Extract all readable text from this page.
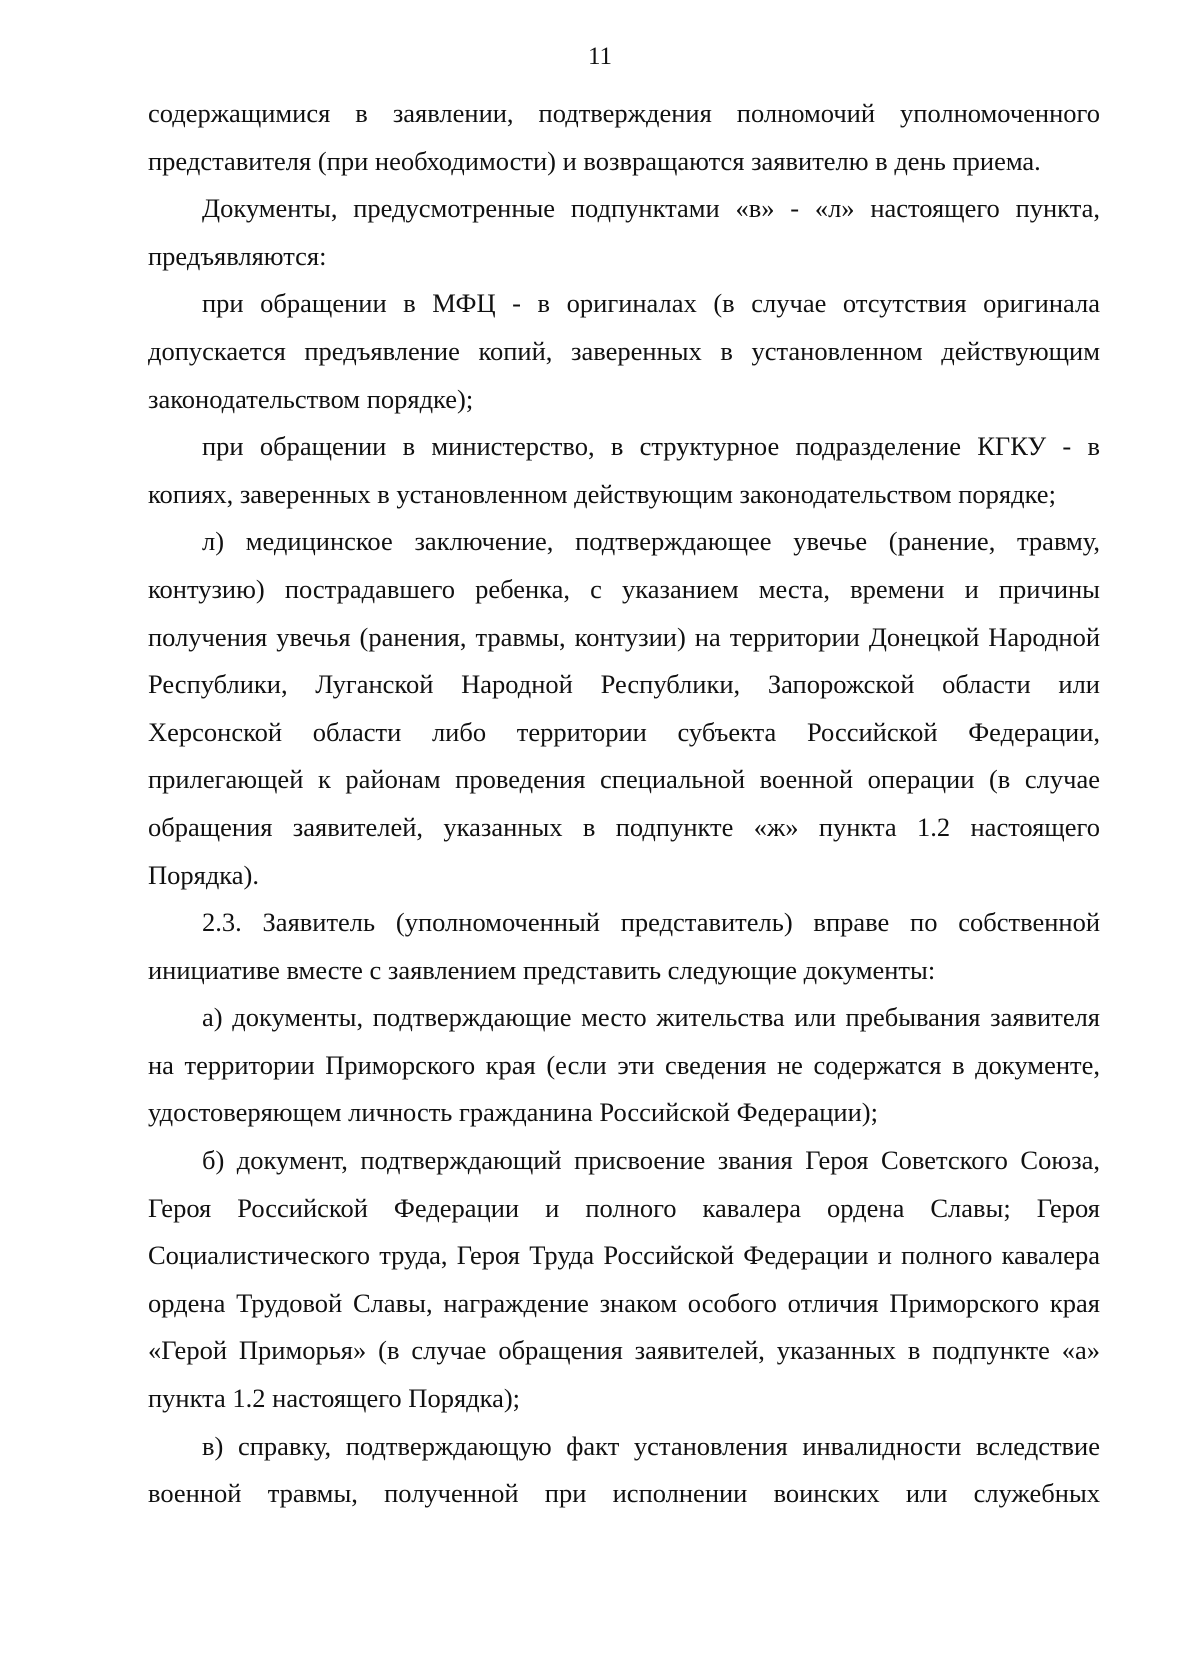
11

содержащимися в заявлении, подтверждения полномочий уполномоченного представителя (при необходимости) и возвращаются заявителю в день приема.

Документы, предусмотренные подпунктами «в» - «л» настоящего пункта, предъявляются:

при обращении в МФЦ - в оригиналах (в случае отсутствия оригинала допускается предъявление копий, заверенных в установленном действующим законодательством порядке);

при обращении в министерство, в структурное подразделение КГКУ - в копиях, заверенных в установленном действующим законодательством порядке;

л) медицинское заключение, подтверждающее увечье (ранение, травму, контузию) пострадавшего ребенка, с указанием места, времени и причины получения увечья (ранения, травмы, контузии) на территории Донецкой Народной Республики, Луганской Народной Республики, Запорожской области или Херсонской области либо территории субъекта Российской Федерации, прилегающей к районам проведения специальной военной операции (в случае обращения заявителей, указанных в подпункте «ж» пункта 1.2 настоящего Порядка).

2.3. Заявитель (уполномоченный представитель) вправе по собственной инициативе вместе с заявлением представить следующие документы:

а) документы, подтверждающие место жительства или пребывания заявителя на территории Приморского края (если эти сведения не содержатся в документе, удостоверяющем личность гражданина Российской Федерации);

б) документ, подтверждающий присвоение звания Героя Советского Союза, Героя Российской Федерации и полного кавалера ордена Славы; Героя Социалистического труда, Героя Труда Российской Федерации и полного кавалера ордена Трудовой Славы, награждение знаком особого отличия Приморского края «Герой Приморья» (в случае обращения заявителей, указанных в подпункте «а» пункта 1.2 настоящего Порядка);

в) справку, подтверждающую факт установления инвалидности вследствие военной травмы, полученной при исполнении воинских или служебных
